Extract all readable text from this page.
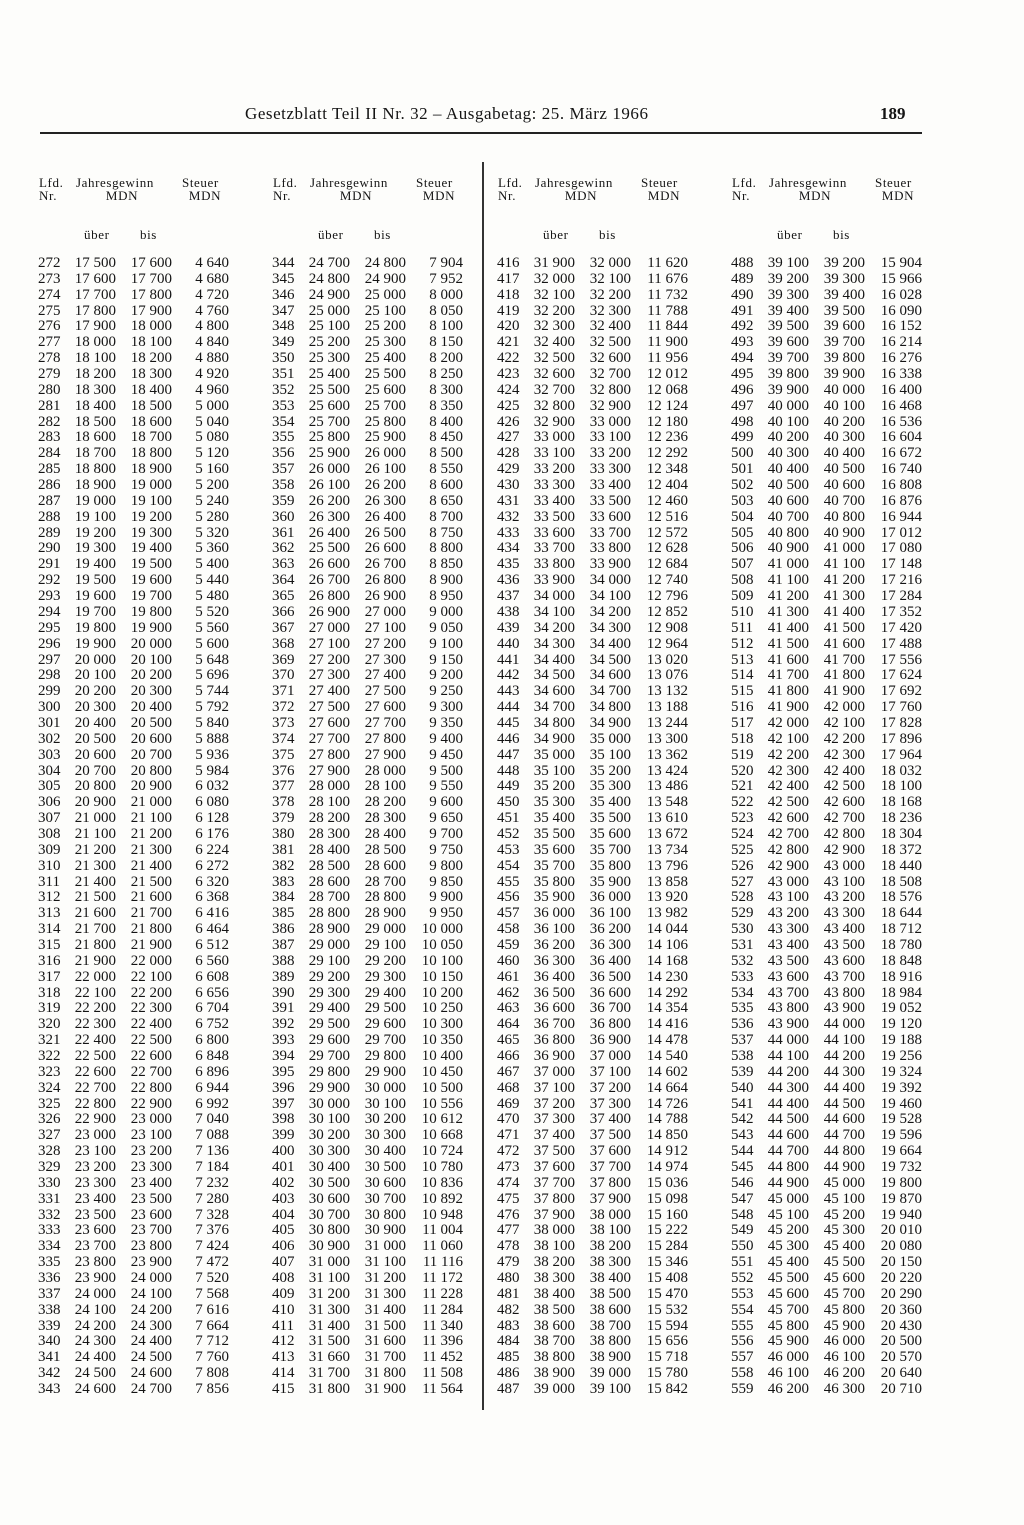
Gesetzblatt Teil II Nr. 32 – Ausgabetag: 25. März 1966	189
Lfd.
Nr.
Jahresgewinn
MDN
Steuer
MDN
über bis
272 17 500 17 600	4 640
273 17 600 17 700	4 680
274 17 700 17 800	4 720
275 17 800 17 900	4 760
276 17 900 18 000	4 800
277 18 000 18 100	4 840
278 18 100 18 200	4 880
279 18 200 18 300	4 920
280 18 300 18 400	4 960
281 18 400 18 500	5 000
282 18 500 18 600	5 040
283 18 600 18 700	5 080
284 18 700 18 800	5 120
285 18 800 18 900	5 160
286 18 900 19 000	5 200
287 19 000 19 100	5 240
288 19 100 19 200	5 280
289 19 200 19 300	5 320
290 19 300 19 400	5 360
291 19 400 19 500	5 400
292 19 500 19 600	5 440
293 19 600 19 700	5 480
294 19 700 19 800	5 520
295 19 800 19 900	5 560
296 19 900 20 000	5 600
297 20 000 20 100	5 648
298 20 100 20 200	5 696
299 20 200 20 300	5 744
300 20 300 20 400	5 792
301 20 400 20 500	5 840
302 20 500 20 600	5 888
303 20 600 20 700	5 936
304 20 700 20 800	5 984
305 20 800 20 900	6 032
306 20 900 21 000	6 080
307 21 000 21 100	6 128
308 21 100 21 200	6 176
309 21 200 21 300	6 224
310 21 300 21 400	6 272
311 21 400 21 500	6 320
312 21 500 21 600	6 368
313 21 600 21 700	6 416
314 21 700 21 800	6 464
315 21 800 21 900	6 512
316 21 900 22 000	6 560
317 22 000 22 100	6 608
318 22 100 22 200	6 656
319 22 200 22 300	6 704
320 22 300 22 400	6 752
321 22 400 22 500	6 800
322 22 500 22 600	6 848
323 22 600 22 700	6 896
324 22 700 22 800	6 944
325 22 800 22 900	6 992
326 22 900 23 000	7 040
327 23 000 23 100	7 088
328 23 100 23 200	7 136
329 23 200 23 300	7 184
330 23 300 23 400	7 232
331 23 400 23 500	7 280
332 23 500 23 600	7 328
333 23 600 23 700	7 376
334 23 700 23 800	7 424
335 23 800 23 900	7 472
336 23 900 24 000	7 520
337 24 000 24 100	7 568
338 24 100 24 200	7 616
339 24 200 24 300	7 664
340 24 300 24 400	7 712
341 24 400 24 500	7 760
342 24 500 24 600	7 808
343 24 600 24 700	7 856
Lfd.
Nr.
Jahresgewinn
MDN
Steuer
MDN
über bis
344 24 700 24 800	7 904
345 24 800 24 900	7 952
346 24 900 25 000	8 000
347 25 000 25 100	8 050
348 25 100 25 200	8 100
349 25 200 25 300	8 150
350 25 300 25 400	8 200
351 25 400 25 500	8 250
352 25 500 25 600	8 300
353 25 600 25 700	8 350
354 25 700 25 800	8 400
355 25 800 25 900	8 450
356 25 900 26 000	8 500
357 26 000 26 100	8 550
358 26 100 26 200	8 600
359 26 200 26 300	8 650
360 26 300 26 400	8 700
361 26 400 26 500	8 750
362 25 500 26 600	8 800
363 26 600 26 700	8 850
364 26 700 26 800	8 900
365 26 800 26 900	8 950
366 26 900 27 000	9 000
367 27 000 27 100	9 050
368 27 100 27 200	9 100
369 27 200 27 300	9 150
370 27 300 27 400	9 200
371 27 400 27 500	9 250
372 27 500 27 600	9 300
373 27 600 27 700	9 350
374 27 700 27 800	9 400
375 27 800 27 900	9 450
376 27 900 28 000	9 500
377 28 000 28 100	9 550
378 28 100 28 200	9 600
379 28 200 28 300	9 650
380 28 300 28 400	9 700
381 28 400 28 500	9 750
382 28 500 28 600	9 800
383 28 600 28 700	9 850
384 28 700 28 800	9 900
385 28 800 28 900	9 950
386 28 900 29 000	10 000
387 29 000 29 100	10 050
388 29 100 29 200	10 100
389 29 200 29 300	10 150
390 29 300 29 400	10 200
391 29 400 29 500	10 250
392 29 500 29 600	10 300
393 29 600 29 700	10 350
394 29 700 29 800	10 400
395 29 800 29 900	10 450
396 29 900 30 000	10 500
397 30 000 30 100	10 556
398 30 100 30 200	10 612
399 30 200 30 300	10 668
400 30 300 30 400	10 724
401 30 400 30 500	10 780
402 30 500 30 600	10 836
403 30 600 30 700	10 892
404 30 700 30 800	10 948
405 30 800 30 900	11 004
406 30 900 31 000	11 060
407 31 000 31 100	11 116
408 31 100 31 200	11 172
409 31 200 31 300	11 228
410 31 300 31 400	11 284
411 31 400 31 500	11 340
412 31 500 31 600	11 396
413 31 660 31 700	11 452
414 31 700 31 800	11 508
415 31 800 31 900	11 564
Lfd.
Nr.
Jahresgewinn
MDN
Steuer
MDN
über bis
416 31 900 32 000	11 620
417 32 000 32 100	11 676
418 32 100 32 200	11 732
419 32 200 32 300	11 788
420 32 300 32 400	11 844
421 32 400 32 500	11 900
422 32 500 32 600	11 956
423 32 600 32 700	12 012
424 32 700 32 800	12 068
425 32 800 32 900	12 124
426 32 900 33 000	12 180
427 33 000 33 100	12 236
428 33 100 33 200	12 292
429 33 200 33 300	12 348
430 33 300 33 400	12 404
431 33 400 33 500	12 460
432 33 500 33 600	12 516
433 33 600 33 700	12 572
434 33 700 33 800	12 628
435 33 800 33 900	12 684
436 33 900 34 000	12 740
437 34 000 34 100	12 796
438 34 100 34 200	12 852
439 34 200 34 300	12 908
440 34 300 34 400	12 964
441 34 400 34 500	13 020
442 34 500 34 600	13 076
443 34 600 34 700	13 132
444 34 700 34 800	13 188
445 34 800 34 900	13 244
446 34 900 35 000	13 300
447 35 000 35 100	13 362
448 35 100 35 200	13 424
449 35 200 35 300	13 486
450 35 300 35 400	13 548
451 35 400 35 500	13 610
452 35 500 35 600	13 672
453 35 600 35 700	13 734
454 35 700 35 800	13 796
455 35 800 35 900	13 858
456 35 900 36 000	13 920
457 36 000 36 100	13 982
458 36 100 36 200	14 044
459 36 200 36 300	14 106
460 36 300 36 400	14 168
461 36 400 36 500	14 230
462 36 500 36 600	14 292
463 36 600 36 700	14 354
464 36 700 36 800	14 416
465 36 800 36 900	14 478
466 36 900 37 000	14 540
467 37 000 37 100	14 602
468 37 100 37 200	14 664
469 37 200 37 300	14 726
470 37 300 37 400	14 788
471 37 400 37 500	14 850
472 37 500 37 600	14 912
473 37 600 37 700	14 974
474 37 700 37 800	15 036
475 37 800 37 900	15 098
476 37 900 38 000	15 160
477 38 000 38 100	15 222
478 38 100 38 200	15 284
479 38 200 38 300	15 346
480 38 300 38 400	15 408
481 38 400 38 500	15 470
482 38 500 38 600	15 532
483 38 600 38 700	15 594
484 38 700 38 800	15 656
485 38 800 38 900	15 718
486 38 900 39 000	15 780
487 39 000 39 100	15 842
Lfd.
Nr.
Jahresgewinn
MDN
Steuer
MDN
über bis
488 39 100 39 200	15 904
489 39 200 39 300	15 966
490 39 300 39 400	16 028
491 39 400 39 500	16 090
492 39 500 39 600	16 152
493 39 600 39 700	16 214
494 39 700 39 800	16 276
495 39 800 39 900	16 338
496 39 900 40 000	16 400
497 40 000 40 100	16 468
498 40 100 40 200	16 536
499 40 200 40 300	16 604
500 40 300 40 400	16 672
501 40 400 40 500	16 740
502 40 500 40 600	16 808
503 40 600 40 700	16 876
504 40 700 40 800	16 944
505 40 800 40 900	17 012
506 40 900 41 000	17 080
507 41 000 41 100	17 148
508 41 100 41 200	17 216
509 41 200 41 300	17 284
510 41 300 41 400	17 352
511 41 400 41 500	17 420
512 41 500 41 600	17 488
513 41 600 41 700	17 556
514 41 700 41 800	17 624
515 41 800 41 900	17 692
516 41 900 42 000	17 760
517 42 000 42 100	17 828
518 42 100 42 200	17 896
519 42 200 42 300	17 964
520 42 300 42 400	18 032
521 42 400 42 500	18 100
522 42 500 42 600	18 168
523 42 600 42 700	18 236
524 42 700 42 800	18 304
525 42 800 42 900	18 372
526 42 900 43 000	18 440
527 43 000 43 100	18 508
528 43 100 43 200	18 576
529 43 200 43 300	18 644
530 43 300 43 400	18 712
531 43 400 43 500	18 780
532 43 500 43 600	18 848
533 43 600 43 700	18 916
534 43 700 43 800	18 984
535 43 800 43 900	19 052
536 43 900 44 000	19 120
537 44 000 44 100	19 188
538 44 100 44 200	19 256
539 44 200 44 300	19 324
540 44 300 44 400	19 392
541 44 400 44 500	19 460
542 44 500 44 600	19 528
543 44 600 44 700	19 596
544 44 700 44 800	19 664
545 44 800 44 900	19 732
546 44 900 45 000	19 800
547 45 000 45 100	19 870
548 45 100 45 200	19 940
549 45 200 45 300	20 010
550 45 300 45 400	20 080
551 45 400 45 500	20 150
552 45 500 45 600	20 220
553 45 600 45 700	20 290
554 45 700 45 800	20 360
555 45 800 45 900	20 430
556 45 900 46 000	20 500
557 46 000 46 100	20 570
558 46 100 46 200	20 640
559 46 200 46 300	20 710
